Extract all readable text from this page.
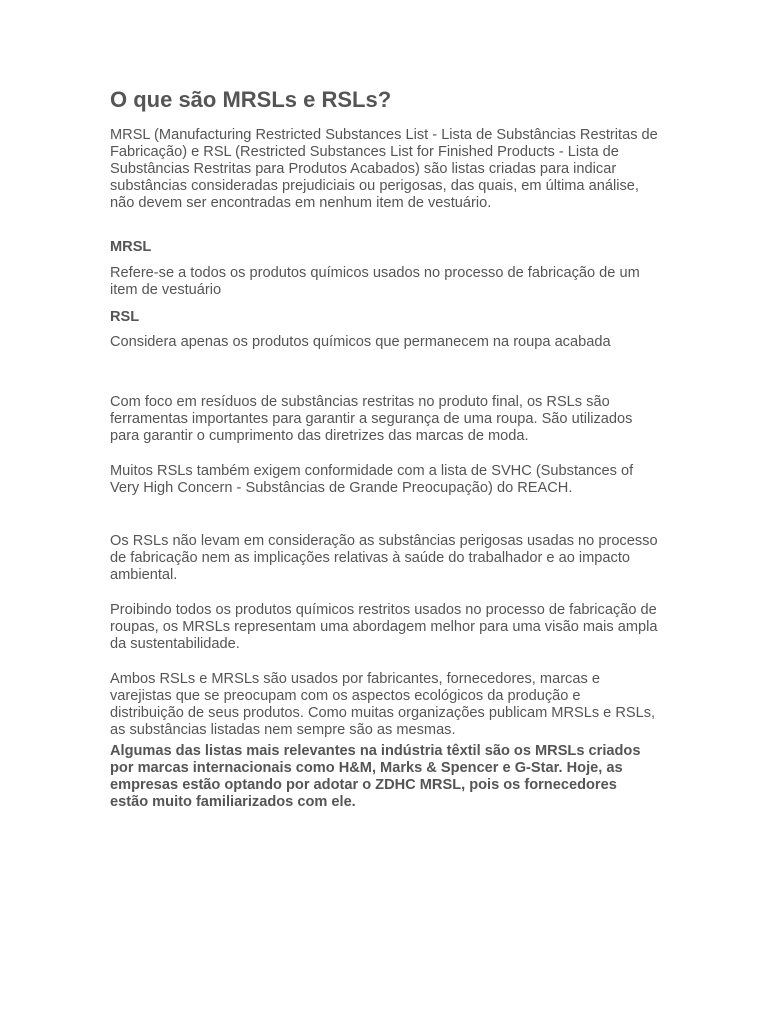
O que são MRSLs e RSLs?

MRSL (Manufacturing Restricted Substances List - Lista de Substâncias Restritas de Fabricação) e RSL (Restricted Substances List for Finished Products - Lista de Substâncias Restritas para Produtos Acabados) são listas criadas para indicar substâncias consideradas prejudiciais ou perigosas, das quais, em última análise, não devem ser encontradas em nenhum item de vestuário.

MRSL

Refere-se a todos os produtos químicos usados no processo de fabricação de um item de vestuário

RSL

Considera apenas os produtos químicos que permanecem na roupa acabada

Com foco em resíduos de substâncias restritas no produto final, os RSLs são ferramentas importantes para garantir a segurança de uma roupa. São utilizados para garantir o cumprimento das diretrizes das marcas de moda.

Muitos RSLs também exigem conformidade com a lista de SVHC (Substances of Very High Concern - Substâncias de Grande Preocupação) do REACH.

Os RSLs não levam em consideração as substâncias perigosas usadas no processo de fabricação nem as implicações relativas à saúde do trabalhador e ao impacto ambiental.

Proibindo todos os produtos químicos restritos usados no processo de fabricação de roupas, os MRSLs representam uma abordagem melhor para uma visão mais ampla da sustentabilidade.

Ambos RSLs e MRSLs são usados por fabricantes, fornecedores, marcas e varejistas que se preocupam com os aspectos ecológicos da produção e distribuição de seus produtos. Como muitas organizações publicam MRSLs e RSLs, as substâncias listadas nem sempre são as mesmas.

Algumas das listas mais relevantes na indústria têxtil são os MRSLs criados por marcas internacionais como H&M, Marks & Spencer e G-Star. Hoje, as empresas estão optando por adotar o ZDHC MRSL, pois os fornecedores estão muito familiarizados com ele.
